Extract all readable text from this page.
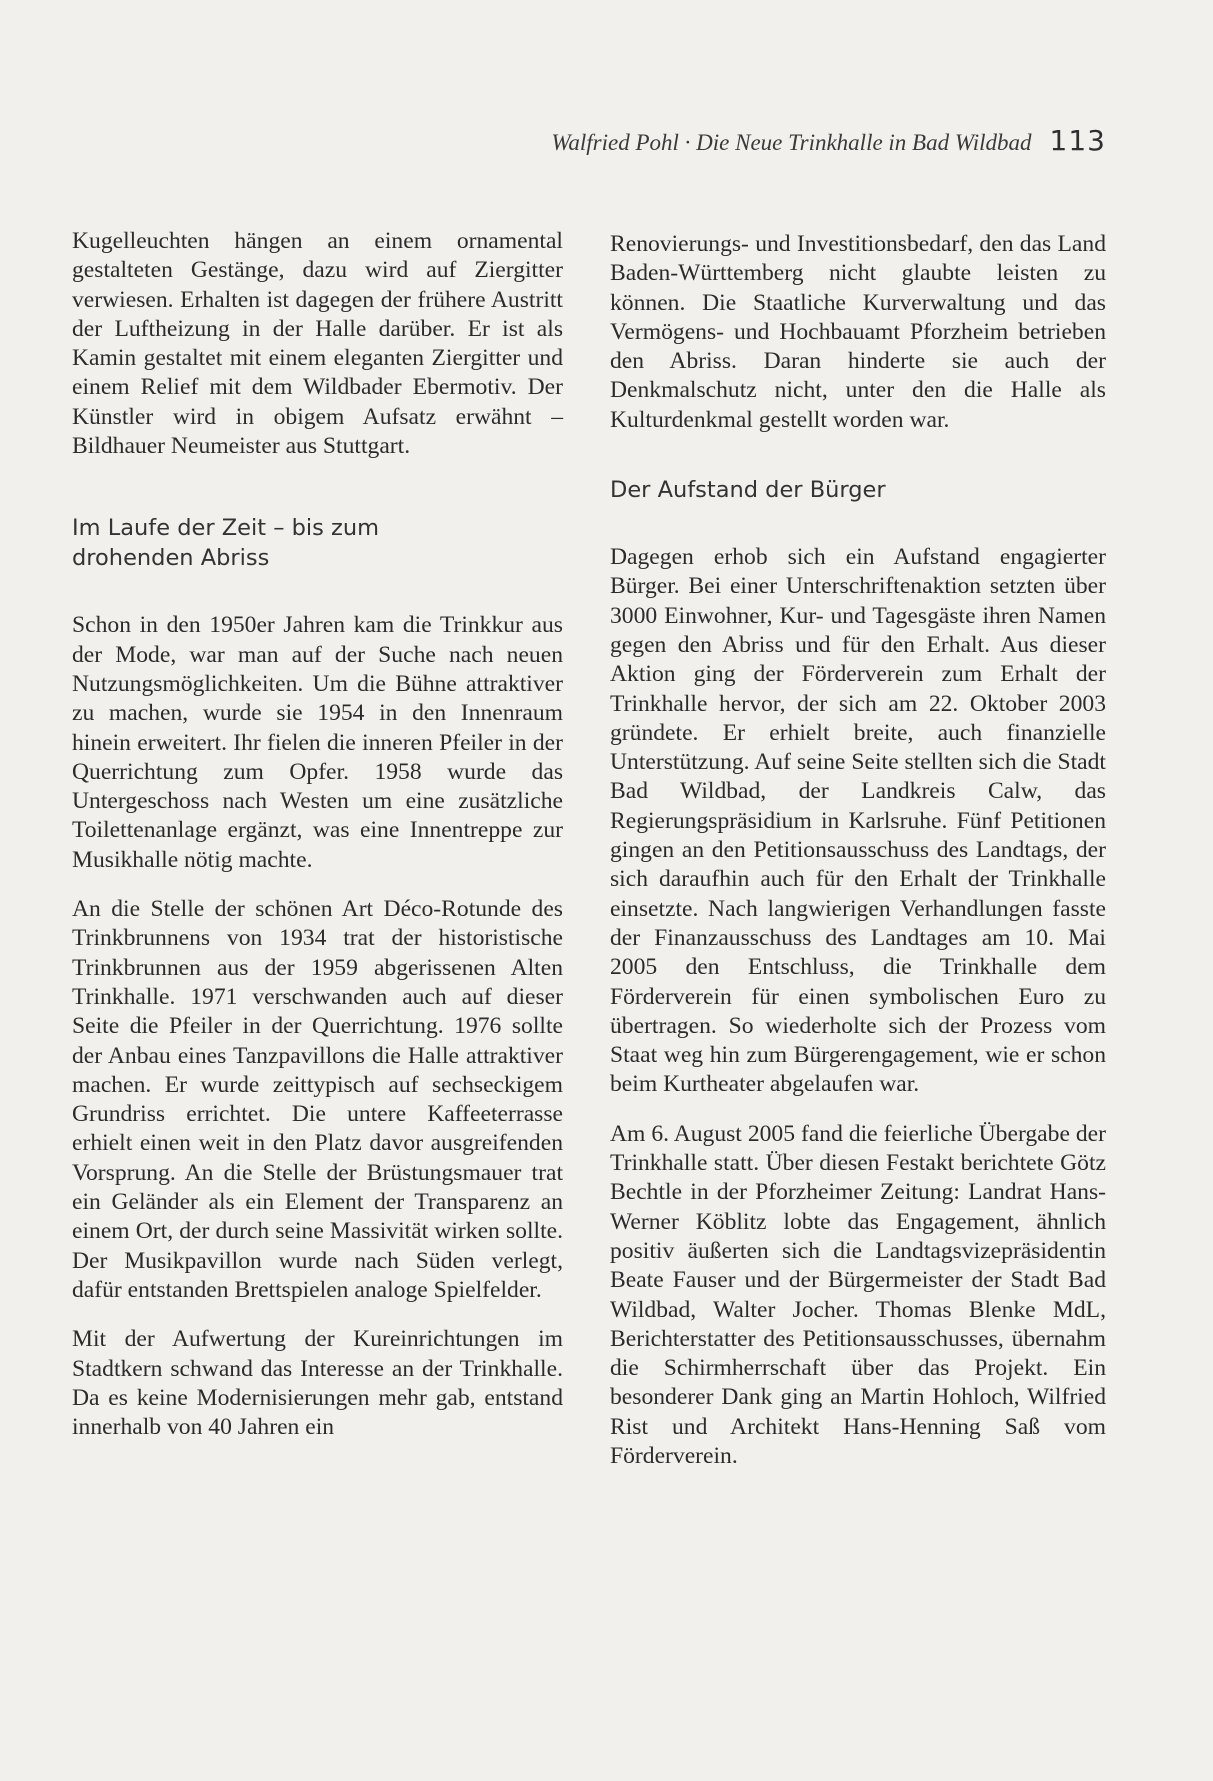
Walfried Pohl · Die Neue Trinkhalle in Bad Wildbad 113

Kugelleuchten hängen an einem ornamental gestalteten Gestänge, dazu wird auf Ziergitter verwiesen. Erhalten ist dagegen der frühere Austritt der Luftheizung in der Halle darüber. Er ist als Kamin gestaltet mit einem eleganten Ziergitter und einem Relief mit dem Wildbader Ebermotiv. Der Künstler wird in obigem Aufsatz erwähnt – Bildhauer Neumeister aus Stuttgart.

Im Laufe der Zeit – bis zum drohenden Abriss

Schon in den 1950er Jahren kam die Trinkkur aus der Mode, war man auf der Suche nach neuen Nutzungsmöglichkeiten. Um die Bühne attraktiver zu machen, wurde sie 1954 in den Innenraum hinein erweitert. Ihr fielen die inneren Pfeiler in der Querrichtung zum Opfer. 1958 wurde das Untergeschoss nach Westen um eine zusätzliche Toilettenanlage ergänzt, was eine Innentreppe zur Musikhalle nötig machte.

An die Stelle der schönen Art Déco-Rotunde des Trinkbrunnens von 1934 trat der historistische Trinkbrunnen aus der 1959 abgerissenen Alten Trinkhalle. 1971 verschwanden auch auf dieser Seite die Pfeiler in der Querrichtung. 1976 sollte der Anbau eines Tanzpavillons die Halle attraktiver machen. Er wurde zeittypisch auf sechseckigem Grundriss errichtet. Die untere Kaffeeterrasse erhielt einen weit in den Platz davor ausgreifenden Vorsprung. An die Stelle der Brüstungsmauer trat ein Geländer als ein Element der Transparenz an einem Ort, der durch seine Massivität wirken sollte. Der Musikpavillon wurde nach Süden verlegt, dafür entstanden Brettspielen analoge Spielfelder.

Mit der Aufwertung der Kureinrichtungen im Stadtkern schwand das Interesse an der Trinkhalle. Da es keine Modernisierungen mehr gab, entstand innerhalb von 40 Jahren ein

Renovierungs- und Investitionsbedarf, den das Land Baden-Württemberg nicht glaubte leisten zu können. Die Staatliche Kurverwaltung und das Vermögens- und Hochbauamt Pforzheim betrieben den Abriss. Daran hinderte sie auch der Denkmalschutz nicht, unter den die Halle als Kulturdenkmal gestellt worden war.

Der Aufstand der Bürger

Dagegen erhob sich ein Aufstand engagierter Bürger. Bei einer Unterschriftenaktion setzten über 3000 Einwohner, Kur- und Tagesgäste ihren Namen gegen den Abriss und für den Erhalt. Aus dieser Aktion ging der Förderverein zum Erhalt der Trinkhalle hervor, der sich am 22. Oktober 2003 gründete. Er erhielt breite, auch finanzielle Unterstützung. Auf seine Seite stellten sich die Stadt Bad Wildbad, der Landkreis Calw, das Regierungspräsidium in Karlsruhe. Fünf Petitionen gingen an den Petitionsausschuss des Landtags, der sich daraufhin auch für den Erhalt der Trinkhalle einsetzte. Nach langwierigen Verhandlungen fasste der Finanzausschuss des Landtages am 10. Mai 2005 den Entschluss, die Trinkhalle dem Förderverein für einen symbolischen Euro zu übertragen. So wiederholte sich der Prozess vom Staat weg hin zum Bürgerengagement, wie er schon beim Kurtheater abgelaufen war.

Am 6. August 2005 fand die feierliche Übergabe der Trinkhalle statt. Über diesen Festakt berichtete Götz Bechtle in der Pforzheimer Zeitung: Landrat Hans-Werner Köblitz lobte das Engagement, ähnlich positiv äußerten sich die Landtagsvizepräsidentin Beate Fauser und der Bürgermeister der Stadt Bad Wildbad, Walter Jocher. Thomas Blenke MdL, Berichterstatter des Petitionsausschusses, übernahm die Schirmherrschaft über das Projekt. Ein besonderer Dank ging an Martin Hohloch, Wilfried Rist und Architekt Hans-Henning Saß vom Förderverein.
